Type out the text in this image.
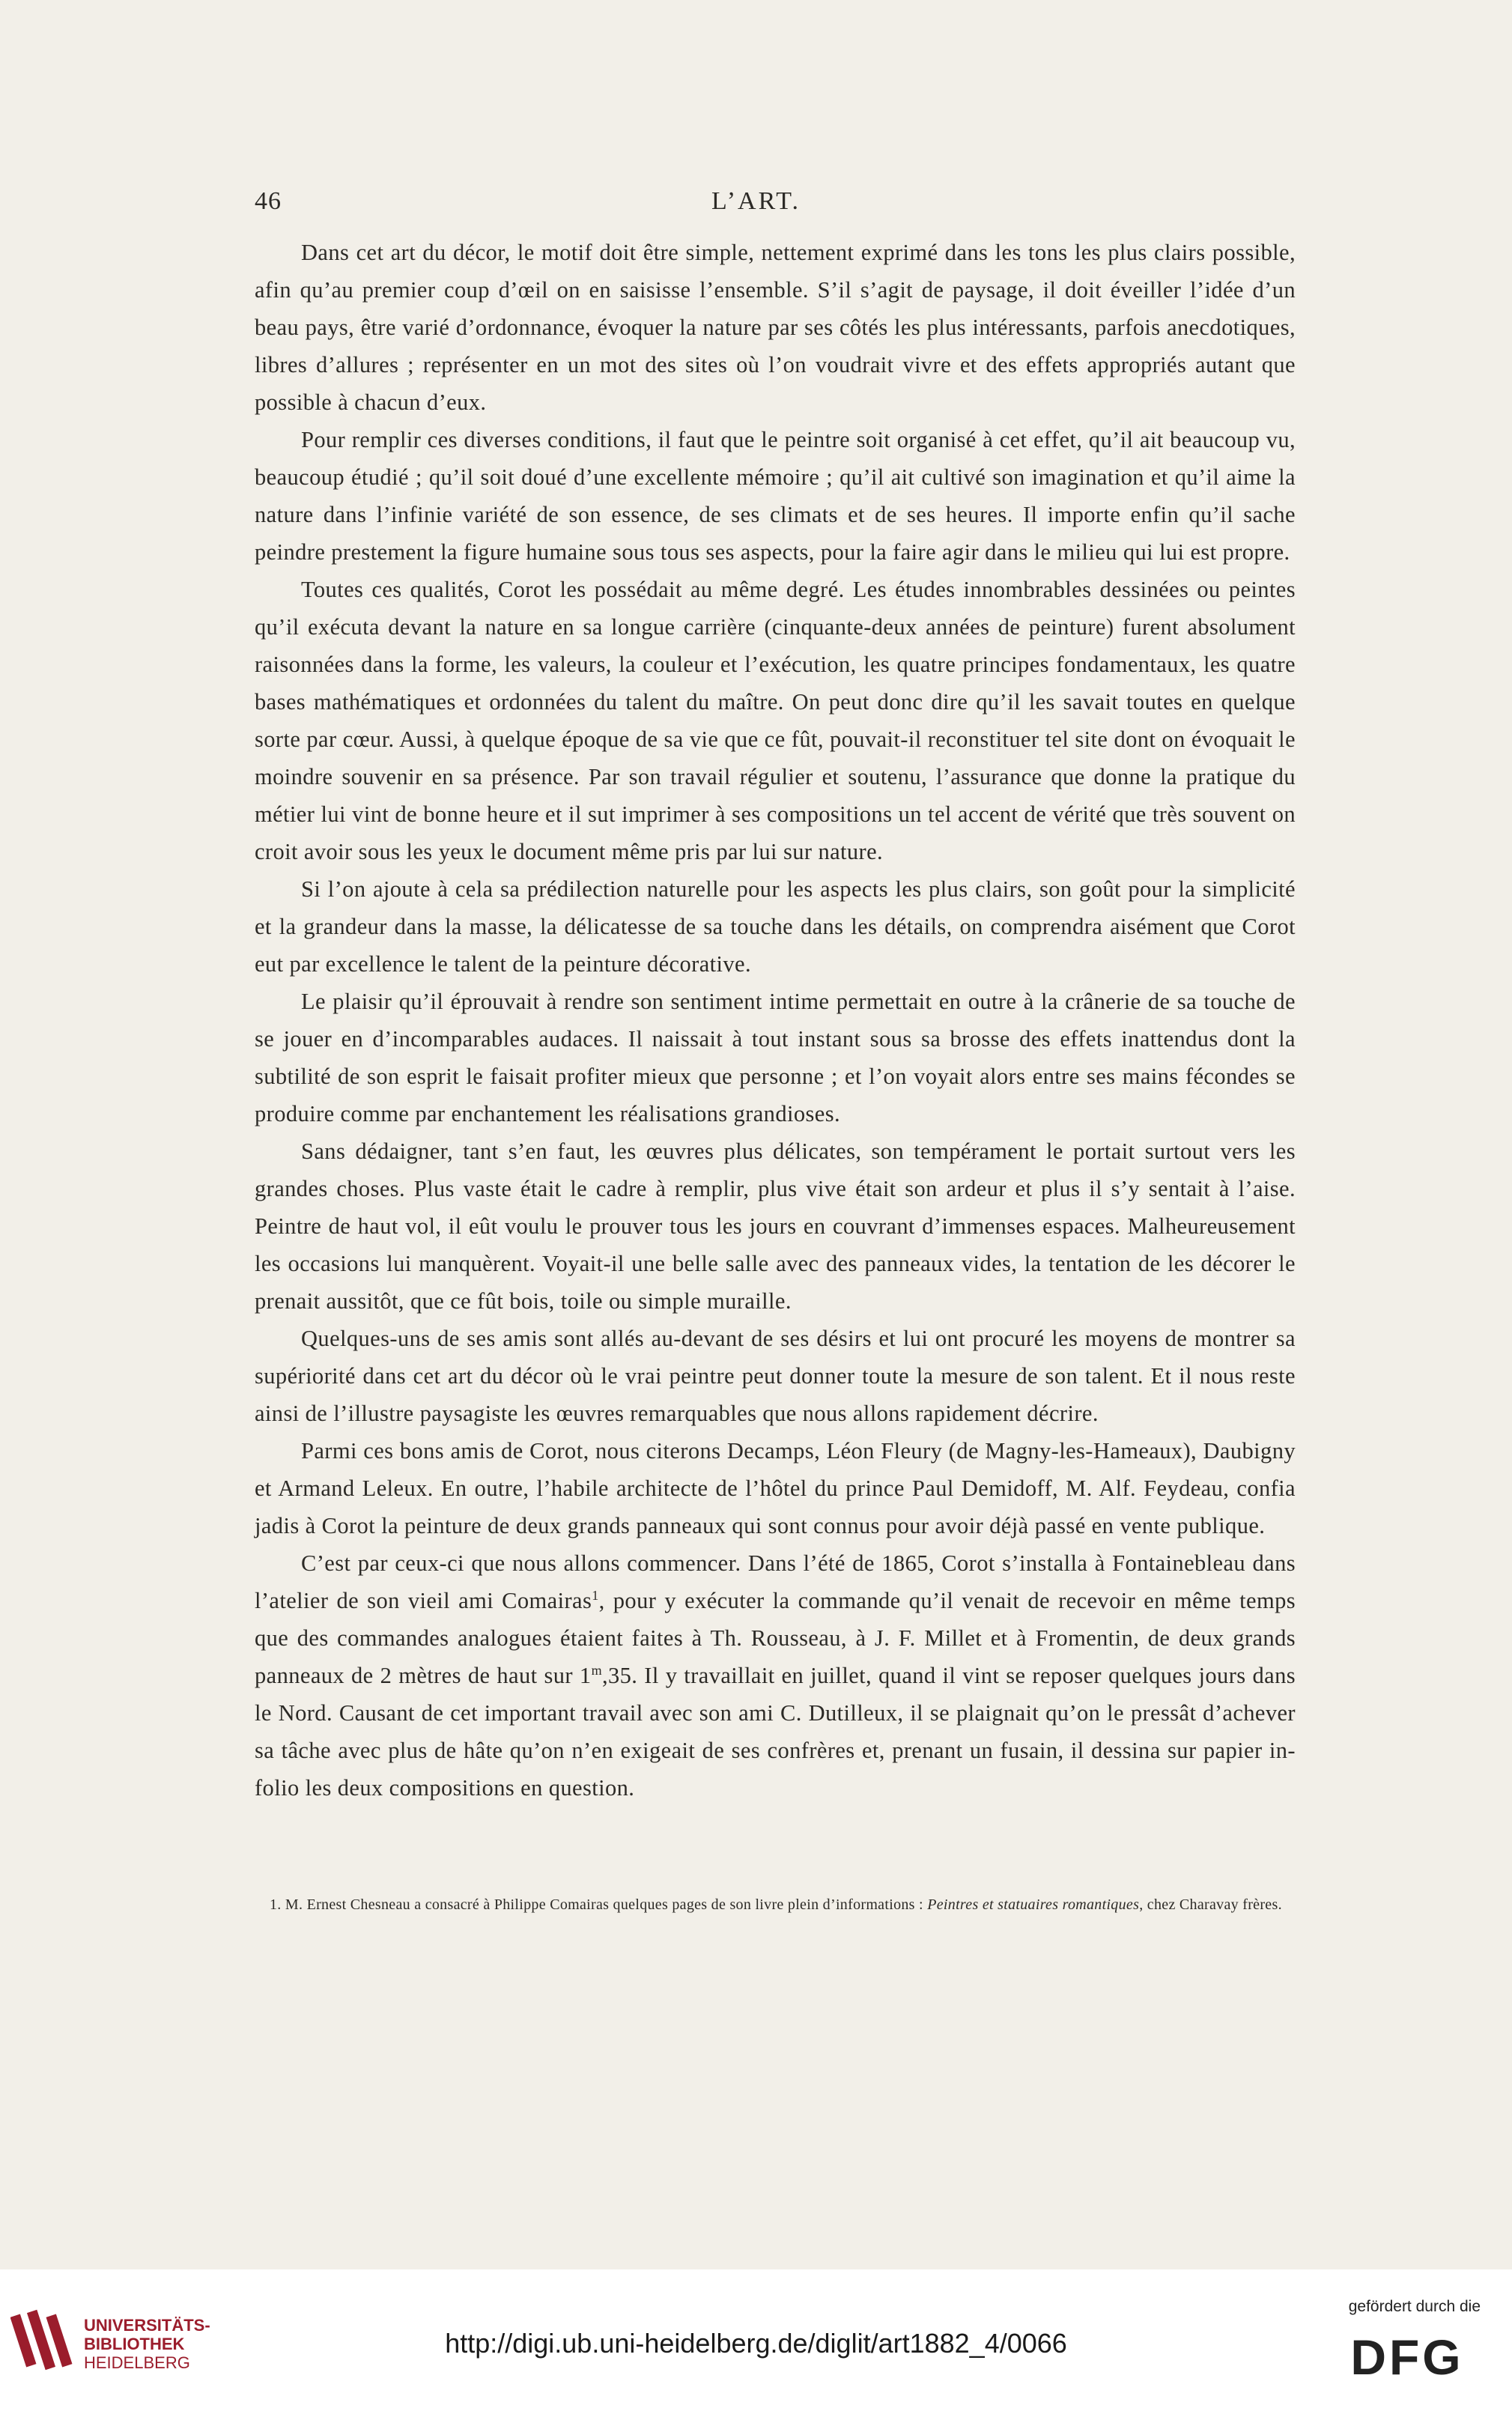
46	L’ART.

Dans cet art du décor, le motif doit être simple, nettement exprimé dans les tons les plus clairs possible, afin qu’au premier coup d’œil on en saisisse l’ensemble. S’il s’agit de paysage, il doit éveiller l’idée d’un beau pays, être varié d’ordonnance, évoquer la nature par ses côtés les plus intéressants, parfois anecdotiques, libres d’allures ; représenter en un mot des sites où l’on voudrait vivre et des effets appropriés autant que possible à chacun d’eux.

Pour remplir ces diverses conditions, il faut que le peintre soit organisé à cet effet, qu’il ait beaucoup vu, beaucoup étudié ; qu’il soit doué d’une excellente mémoire ; qu’il ait cultivé son imagination et qu’il aime la nature dans l’infinie variété de son essence, de ses climats et de ses heures. Il importe enfin qu’il sache peindre prestement la figure humaine sous tous ses aspects, pour la faire agir dans le milieu qui lui est propre.

Toutes ces qualités, Corot les possédait au même degré. Les études innombrables dessinées ou peintes qu’il exécuta devant la nature en sa longue carrière (cinquante-deux années de peinture) furent absolument raisonnées dans la forme, les valeurs, la couleur et l’exécution, les quatre principes fondamentaux, les quatre bases mathématiques et ordonnées du talent du maître. On peut donc dire qu’il les savait toutes en quelque sorte par cœur. Aussi, à quelque époque de sa vie que ce fût, pouvait-il reconstituer tel site dont on évoquait le moindre souvenir en sa présence. Par son travail régulier et soutenu, l’assurance que donne la pratique du métier lui vint de bonne heure et il sut imprimer à ses compositions un tel accent de vérité que très souvent on croit avoir sous les yeux le document même pris par lui sur nature.

Si l’on ajoute à cela sa prédilection naturelle pour les aspects les plus clairs, son goût pour la simplicité et la grandeur dans la masse, la délicatesse de sa touche dans les détails, on comprendra aisément que Corot eut par excellence le talent de la peinture décorative.

Le plaisir qu’il éprouvait à rendre son sentiment intime permettait en outre à la crânerie de sa touche de se jouer en d’incomparables audaces. Il naissait à tout instant sous sa brosse des effets inattendus dont la subtilité de son esprit le faisait profiter mieux que personne ; et l’on voyait alors entre ses mains fécondes se produire comme par enchantement les réalisations grandioses.

Sans dédaigner, tant s’en faut, les œuvres plus délicates, son tempérament le portait surtout vers les grandes choses. Plus vaste était le cadre à remplir, plus vive était son ardeur et plus il s’y sentait à l’aise. Peintre de haut vol, il eût voulu le prouver tous les jours en couvrant d’immenses espaces. Malheureusement les occasions lui manquèrent. Voyait-il une belle salle avec des panneaux vides, la tentation de les décorer le prenait aussitôt, que ce fût bois, toile ou simple muraille.

Quelques-uns de ses amis sont allés au-devant de ses désirs et lui ont procuré les moyens de montrer sa supériorité dans cet art du décor où le vrai peintre peut donner toute la mesure de son talent. Et il nous reste ainsi de l’illustre paysagiste les œuvres remarquables que nous allons rapidement décrire.

Parmi ces bons amis de Corot, nous citerons Decamps, Léon Fleury (de Magny-les-Hameaux), Daubigny et Armand Leleux. En outre, l’habile architecte de l’hôtel du prince Paul Demidoff, M. Alf. Feydeau, confia jadis à Corot la peinture de deux grands panneaux qui sont connus pour avoir déjà passé en vente publique.

C’est par ceux-ci que nous allons commencer. Dans l’été de 1865, Corot s’installa à Fontainebleau dans l’atelier de son vieil ami Comairas$^1$, pour y exécuter la commande qu’il venait de recevoir en même temps que des commandes analogues étaient faites à Th. Rousseau, à J. F. Millet et à Fromentin, de deux grands panneaux de 2 mètres de haut sur 1$^m$,35. Il y travaillait en juillet, quand il vint se reposer quelques jours dans le Nord. Causant de cet important travail avec son ami C. Dutilleux, il se plaignait qu’on le pressât d’achever sa tâche avec plus de hâte qu’on n’en exigeait de ses confrères et, prenant un fusain, il dessina sur papier in-folio les deux compositions en question.

1. M. Ernest Chesneau a consacré à Philippe Comairas quelques pages de son livre plein d’informations : Peintres et statuaires romantiques, chez Charavay frères.
UNIVERSITÄTS-
BIBLIOTHEK
HEIDELBERG
http://digi.ub.uni-heidelberg.de/diglit/art1882_4/0066
gefördert durch die
DFG
